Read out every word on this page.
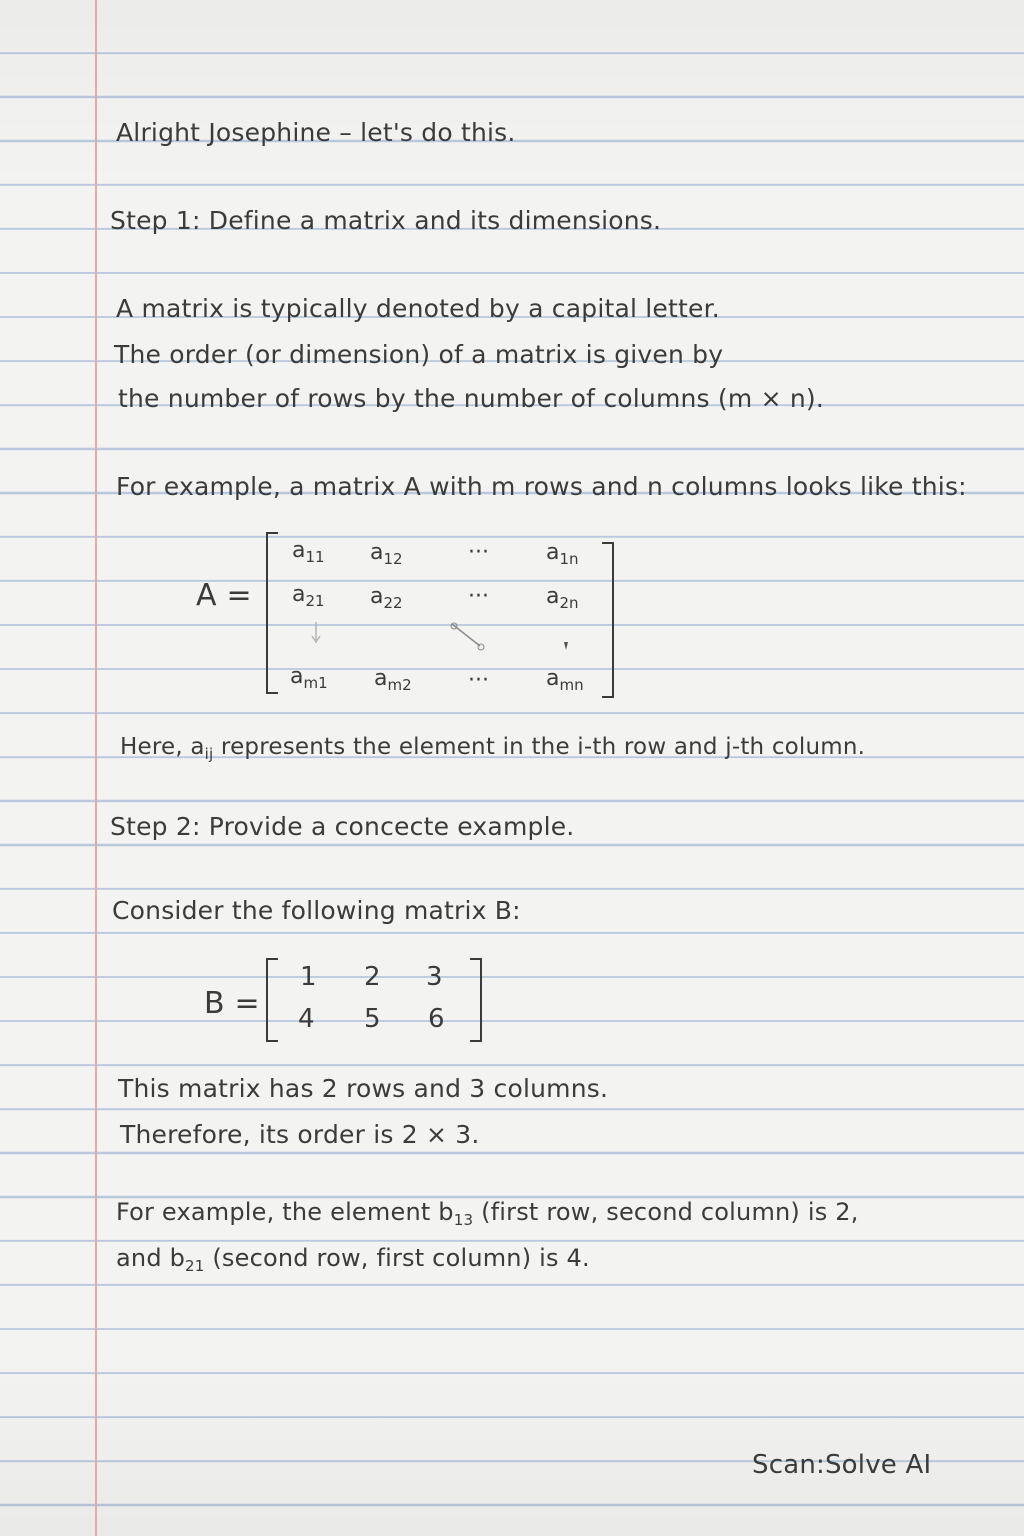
Alright Josephine – let's do this.
Step 1: Define a matrix and its dimensions.
A matrix is typically denoted by a capital letter.
The order (or dimension) of a matrix is given by
the number of rows by the number of columns (m × n).
For example, a matrix A with m rows and n columns looks like this:
A =
$a_{11}$ $a_{12}$	···	$a_{1n}$
$a_{21}$ $a_{22}$	···	$a_{2n}$
$a_{m1}$ $a_{m2}$	···	$a_{mn}$
Here, $a_{ij}$ represents the element in the i-th row and j-th column.
Step 2: Provide a concecte example.
Consider the following matrix B:
B =
1 2 3
4 5 6
This matrix has 2 rows and 3 columns.
Therefore, its order is 2 × 3.
For example, the element $b_{13}$ (first row, second column) is 2,
and $b_{21}$ (second row, first column) is 4.
Scan:Solve AI
